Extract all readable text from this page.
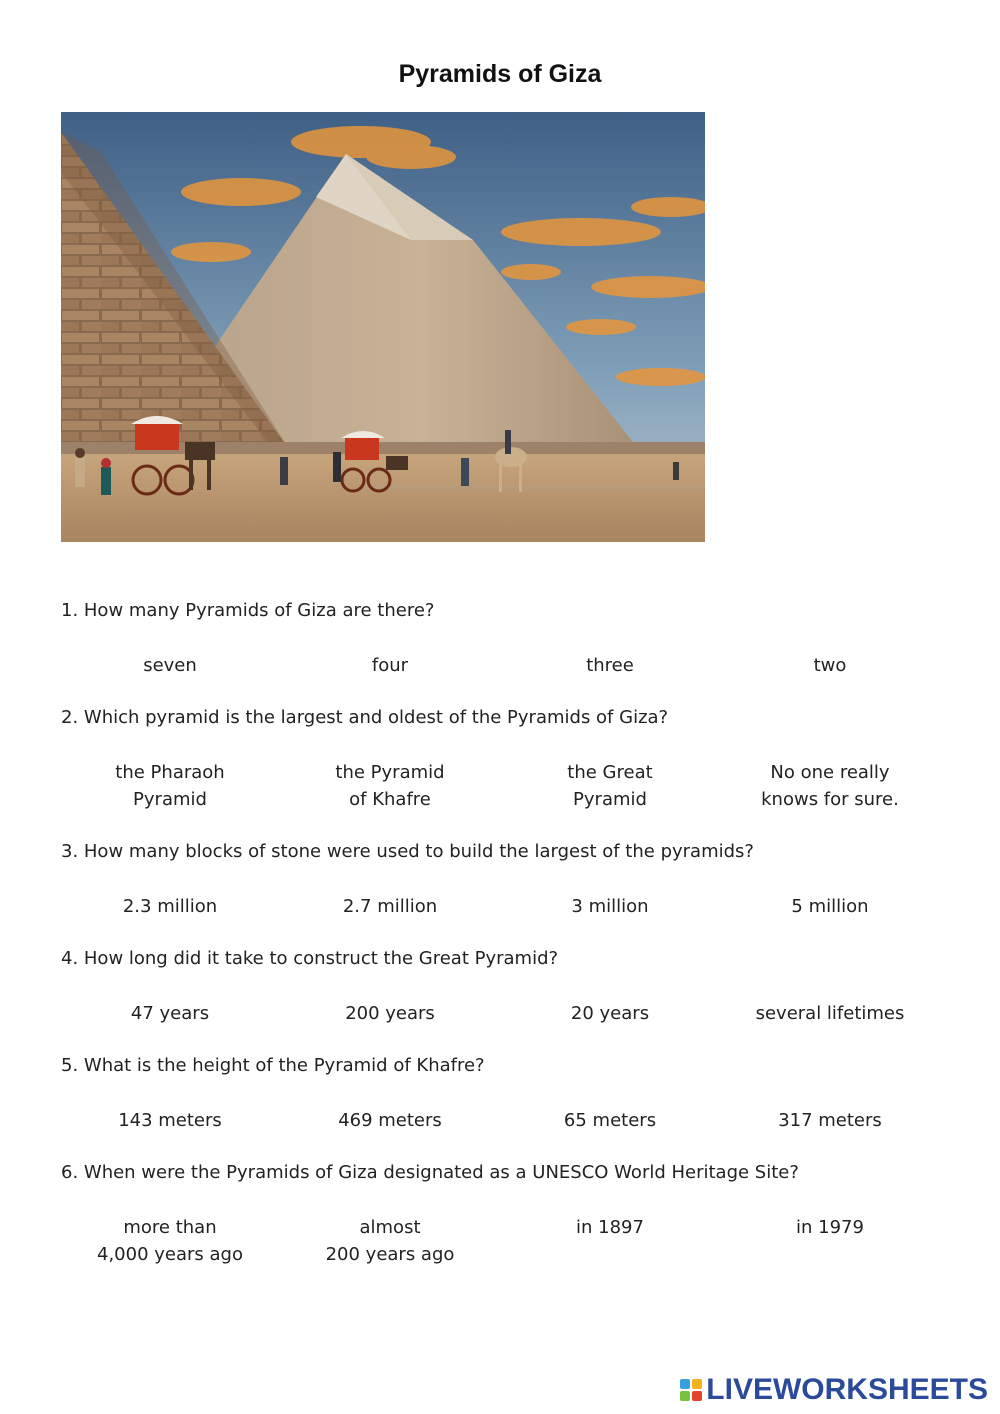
Pyramids of Giza
1. How many Pyramids of Giza are there?
seven	four	three	two
2. Which pyramid is the largest and oldest of the Pyramids of Giza?
the Pharaoh
Pyramid
the Pyramid
of Khafre
the Great
Pyramid
No one really
knows for sure.
3. How many blocks of stone were used to build the largest of the pyramids?
2.3 million	2.7 million	3 million	5 million
4. How long did it take to construct the Great Pyramid?
47 years	200 years	20 years	several lifetimes
5. What is the height of the Pyramid of Khafre?
143 meters	469 meters	65 meters	317 meters
6. When were the Pyramids of Giza designated as a UNESCO World Heritage Site?
more than
4,000 years ago
almost
200 years ago
in 1897	in 1979
LIVEWORKSHEETS
